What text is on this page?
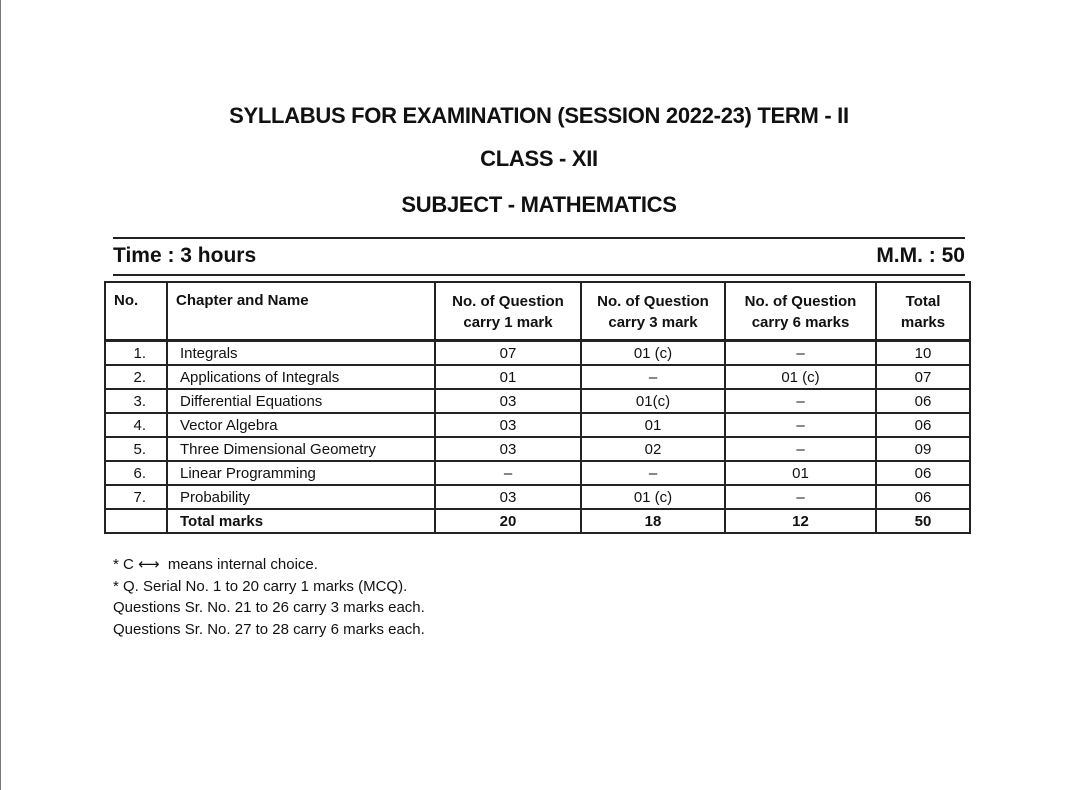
SYLLABUS FOR EXAMINATION (SESSION 2022-23) TERM - II
CLASS - XII
SUBJECT - MATHEMATICS
Time : 3 hours	M.M. : 50
No.	Chapter and Name	No. of Question carry 1 mark	No. of Question carry 3 mark	No. of Question carry 6 marks	Total marks
1.	Integrals	07	01 (c)	–	10
2.	Applications of Integrals	01	–	01 (c)	07
3.	Differential Equations	03	01(c)	–	06
4.	Vector Algebra	03	01	–	06
5.	Three Dimensional Geometry	03	02	–	09
6.	Linear Programming	–	–	01	06
7.	Probability	03	01 (c)	–	06
	Total marks	20	18	12	50
* C ⟷  means internal choice.
* Q. Serial No. 1 to 20 carry 1 marks (MCQ).
Questions Sr. No. 21 to 26 carry 3 marks each.
Questions Sr. No. 27 to 28 carry 6 marks each.
